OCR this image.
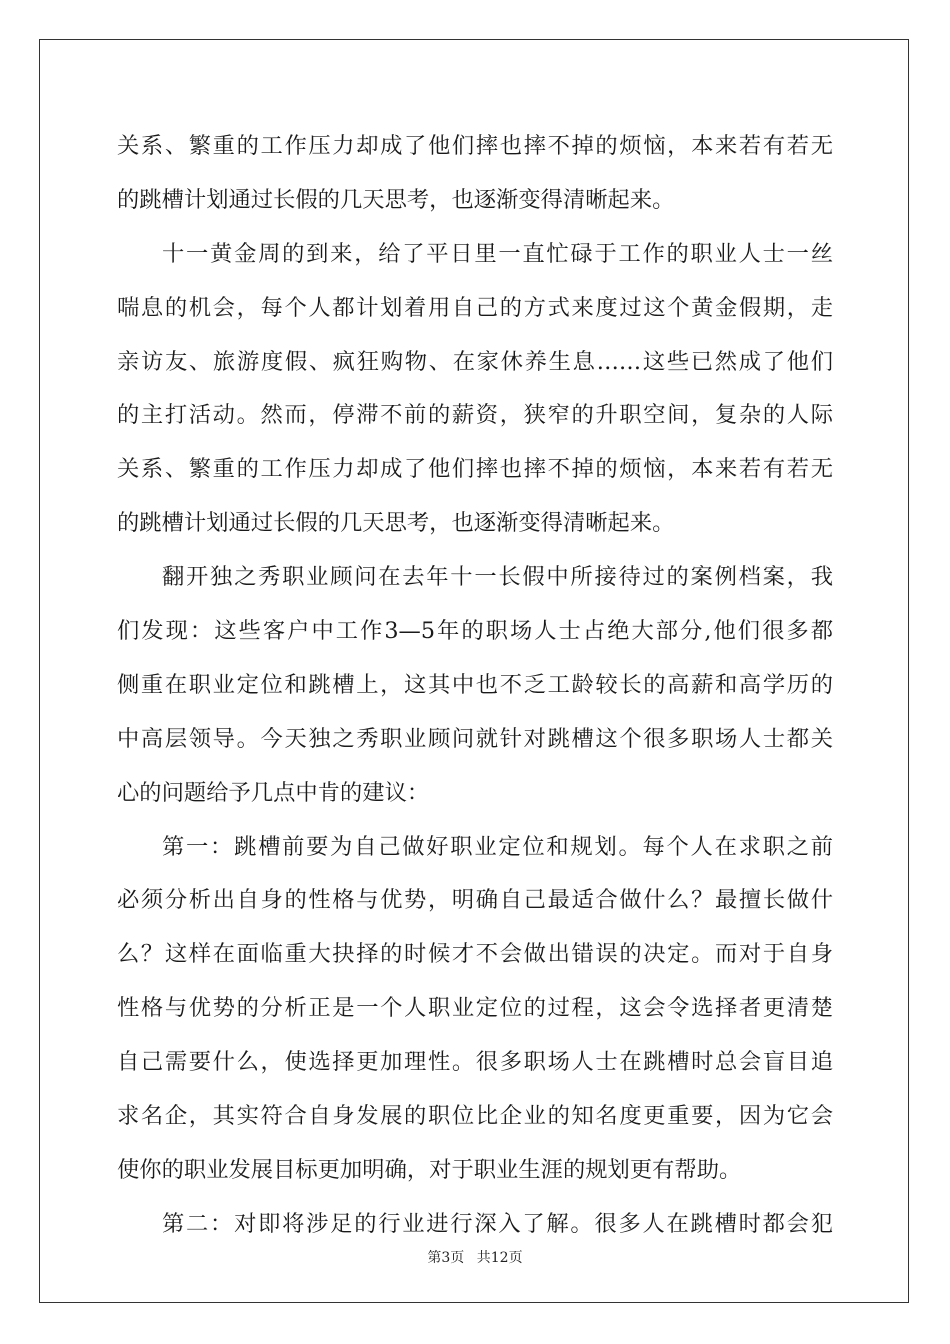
关系、繁重的工作压力却成了他们摔也摔不掉的烦恼，本来若有若无
的跳槽计划通过长假的几天思考，也逐渐变得清晰起来。
十一黄金周的到来，给了平日里一直忙碌于工作的职业人士一丝
喘息的机会，每个人都计划着用自己的方式来度过这个黄金假期，走
亲访友、旅游度假、疯狂购物、在家休养生息……这些已然成了他们
的主打活动。然而，停滞不前的薪资，狭窄的升职空间，复杂的人际
关系、繁重的工作压力却成了他们摔也摔不掉的烦恼，本来若有若无
的跳槽计划通过长假的几天思考，也逐渐变得清晰起来。
翻开独之秀职业顾问在去年十一长假中所接待过的案例档案，我
们发现：这些客户中工作3—5年的职场人士占绝大部分,他们很多都
侧重在职业定位和跳槽上，这其中也不乏工龄较长的高薪和高学历的
中高层领导。今天独之秀职业顾问就针对跳槽这个很多职场人士都关
心的问题给予几点中肯的建议：
第一：跳槽前要为自己做好职业定位和规划。每个人在求职之前
必须分析出自身的性格与优势，明确自己最适合做什么？最擅长做什
么？这样在面临重大抉择的时候才不会做出错误的决定。而对于自身
性格与优势的分析正是一个人职业定位的过程，这会令选择者更清楚
自己需要什么，使选择更加理性。很多职场人士在跳槽时总会盲目追
求名企，其实符合自身发展的职位比企业的知名度更重要，因为它会
使你的职业发展目标更加明确，对于职业生涯的规划更有帮助。
第二：对即将涉足的行业进行深入了解。很多人在跳槽时都会犯
第3页 共12页
